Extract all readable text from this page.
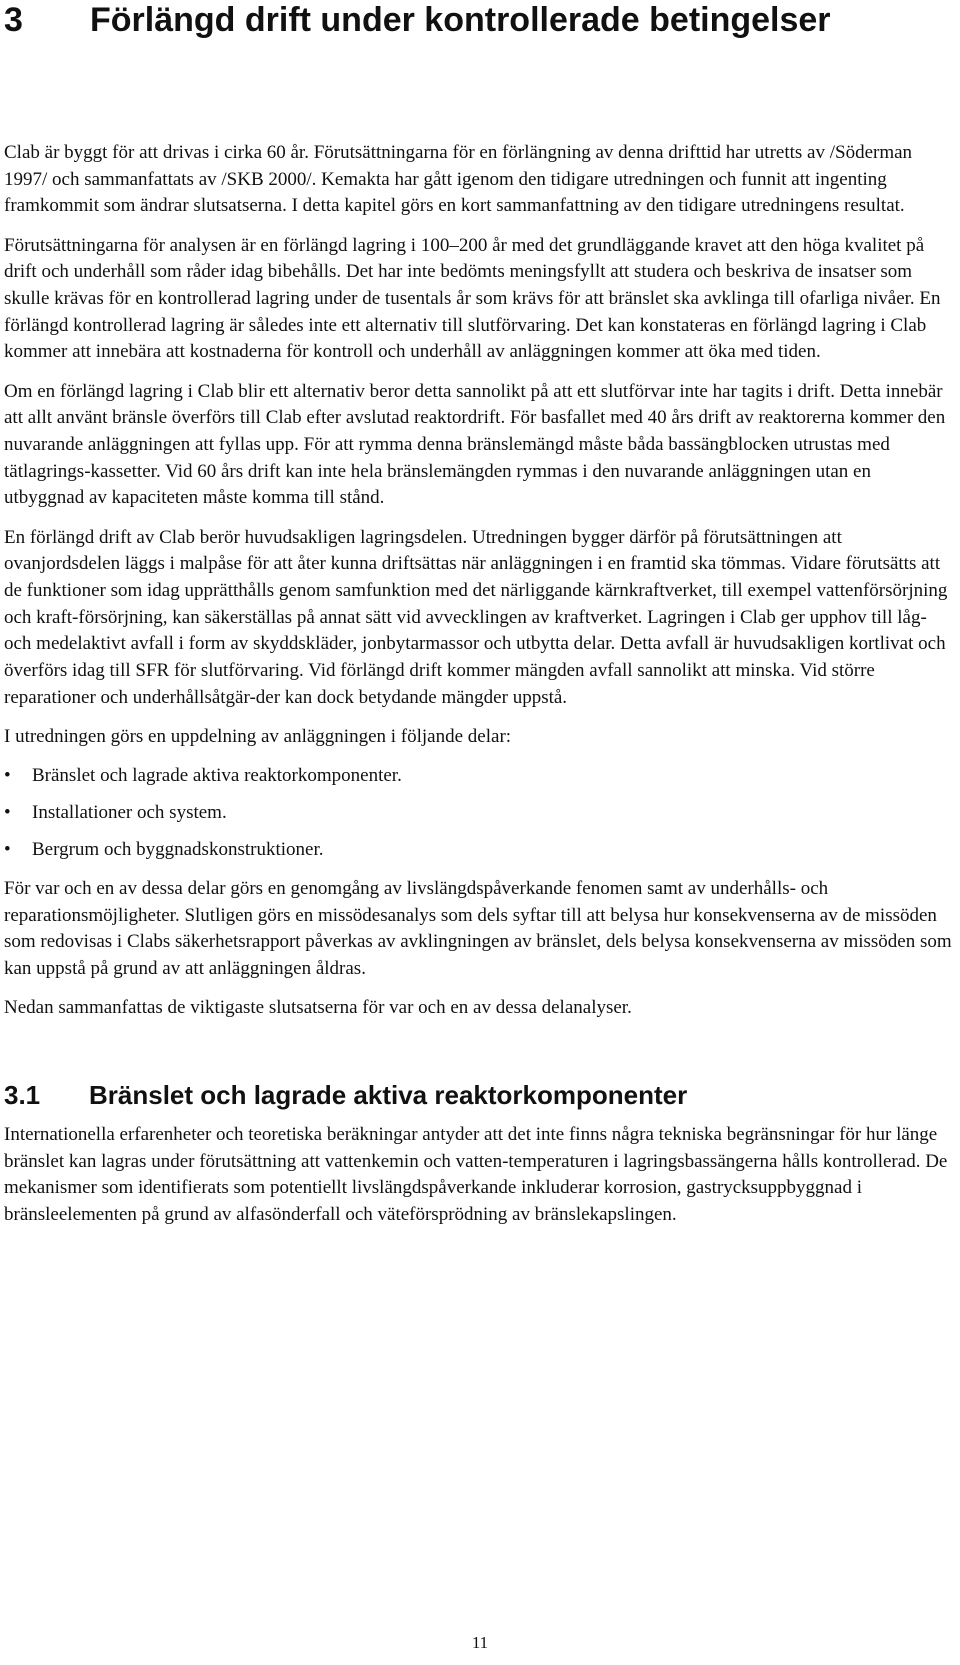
3 Förlängd drift under kontrollerade betingelser

Clab är byggt för att drivas i cirka 60 år. Förutsättningarna för en förlängning av denna drifttid har utretts av /Söderman 1997/ och sammanfattats av /SKB 2000/. Kemakta har gått igenom den tidigare utredningen och funnit att ingenting framkommit som ändrar slutsatserna. I detta kapitel görs en kort sammanfattning av den tidigare utredningens resultat.

Förutsättningarna för analysen är en förlängd lagring i 100–200 år med det grundläggande kravet att den höga kvalitet på drift och underhåll som råder idag bibehålls. Det har inte bedömts meningsfyllt att studera och beskriva de insatser som skulle krävas för en kontrollerad lagring under de tusentals år som krävs för att bränslet ska avklinga till ofarliga nivåer. En förlängd kontrollerad lagring är således inte ett alternativ till slutförvaring. Det kan konstateras en förlängd lagring i Clab kommer att innebära att kostnaderna för kontroll och underhåll av anläggningen kommer att öka med tiden.

Om en förlängd lagring i Clab blir ett alternativ beror detta sannolikt på att ett slutförvar inte har tagits i drift. Detta innebär att allt använt bränsle överförs till Clab efter avslutad reaktordrift. För basfallet med 40 års drift av reaktorerna kommer den nuvarande anläggningen att fyllas upp. För att rymma denna bränslemängd måste båda bassängblocken utrustas med tätlagrings-kassetter. Vid 60 års drift kan inte hela bränslemängden rymmas i den nuvarande anläggningen utan en utbyggnad av kapaciteten måste komma till stånd.

En förlängd drift av Clab berör huvudsakligen lagringsdelen. Utredningen bygger därför på förutsättningen att ovanjordsdelen läggs i malpåse för att åter kunna driftsättas när anläggningen i en framtid ska tömmas. Vidare förutsätts att de funktioner som idag upprätthålls genom samfunktion med det närliggande kärnkraftverket, till exempel vattenförsörjning och kraft-försörjning, kan säkerställas på annat sätt vid avvecklingen av kraftverket. Lagringen i Clab ger upphov till låg- och medelaktivt avfall i form av skyddskläder, jonbytarmassor och utbytta delar. Detta avfall är huvudsakligen kortlivat och överförs idag till SFR för slutförvaring. Vid förlängd drift kommer mängden avfall sannolikt att minska. Vid större reparationer och underhållsåtgär-der kan dock betydande mängder uppstå.

I utredningen görs en uppdelning av anläggningen i följande delar:

• Bränslet och lagrade aktiva reaktorkomponenter.
• Installationer och system.
• Bergrum och byggnadskonstruktioner.

För var och en av dessa delar görs en genomgång av livslängdspåverkande fenomen samt av underhålls- och reparationsmöjligheter. Slutligen görs en missödesanalys som dels syftar till att belysa hur konsekvenserna av de missöden som redovisas i Clabs säkerhetsrapport påverkas av avklingningen av bränslet, dels belysa konsekvenserna av missöden som kan uppstå på grund av att anläggningen åldras.

Nedan sammanfattas de viktigaste slutsatserna för var och en av dessa delanalyser.

3.1 Bränslet och lagrade aktiva reaktorkomponenter

Internationella erfarenheter och teoretiska beräkningar antyder att det inte finns några tekniska begränsningar för hur länge bränslet kan lagras under förutsättning att vattenkemin och vatten-temperaturen i lagringsbassängerna hålls kontrollerad. De mekanismer som identifierats som potentiellt livslängdspåverkande inkluderar korrosion, gastrycksuppbyggnad i bränsleelementen på grund av alfasönderfall och väteförsprödning av bränslekapslingen.

11
